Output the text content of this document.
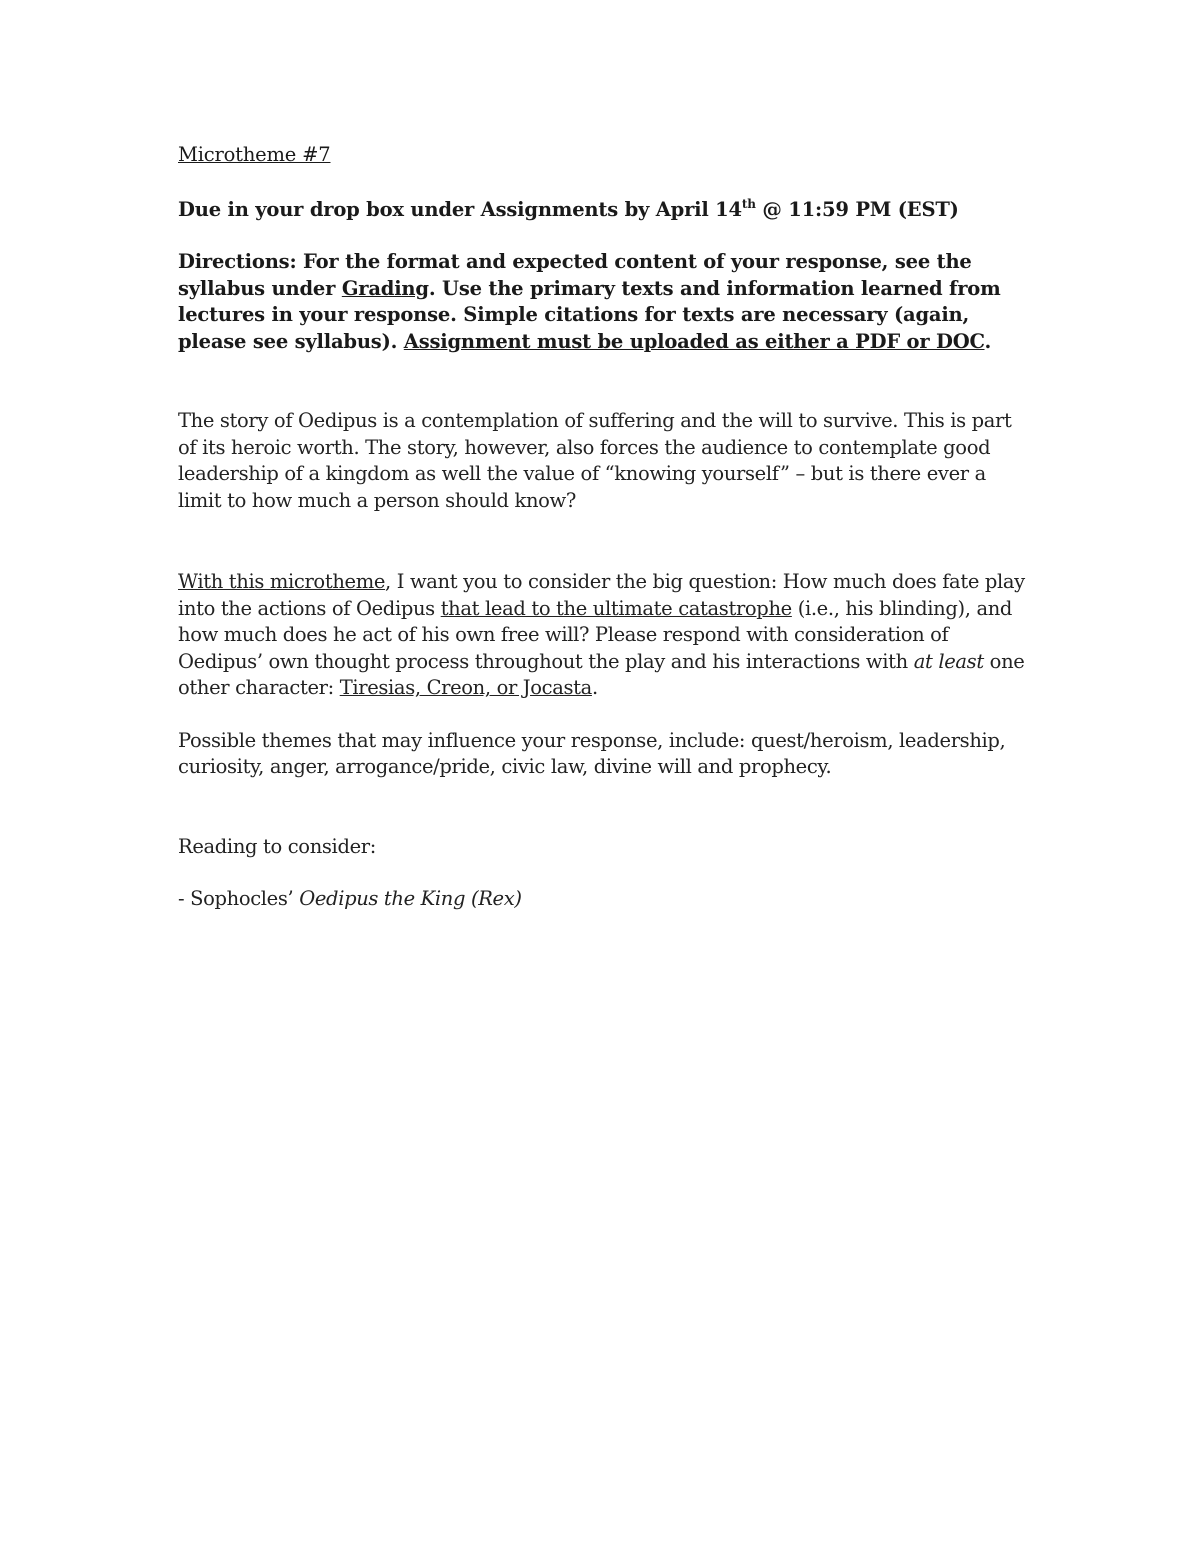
Microtheme #7

Due in your drop box under Assignments by April 14th @ 11:59 PM (EST)

Directions: For the format and expected content of your response, see the syllabus under Grading. Use the primary texts and information learned from lectures in your response. Simple citations for texts are necessary (again, please see syllabus). Assignment must be uploaded as either a PDF or DOC.

The story of Oedipus is a contemplation of suffering and the will to survive. This is part of its heroic worth. The story, however, also forces the audience to contemplate good leadership of a kingdom as well the value of “knowing yourself” – but is there ever a limit to how much a person should know?

With this microtheme, I want you to consider the big question: How much does fate play into the actions of Oedipus that lead to the ultimate catastrophe (i.e., his blinding), and how much does he act of his own free will? Please respond with consideration of Oedipus’ own thought process throughout the play and his interactions with at least one other character: Tiresias, Creon, or Jocasta.

Possible themes that may influence your response, include: quest/heroism, leadership, curiosity, anger, arrogance/pride, civic law, divine will and prophecy.

Reading to consider:

- Sophocles’ Oedipus the King (Rex)
